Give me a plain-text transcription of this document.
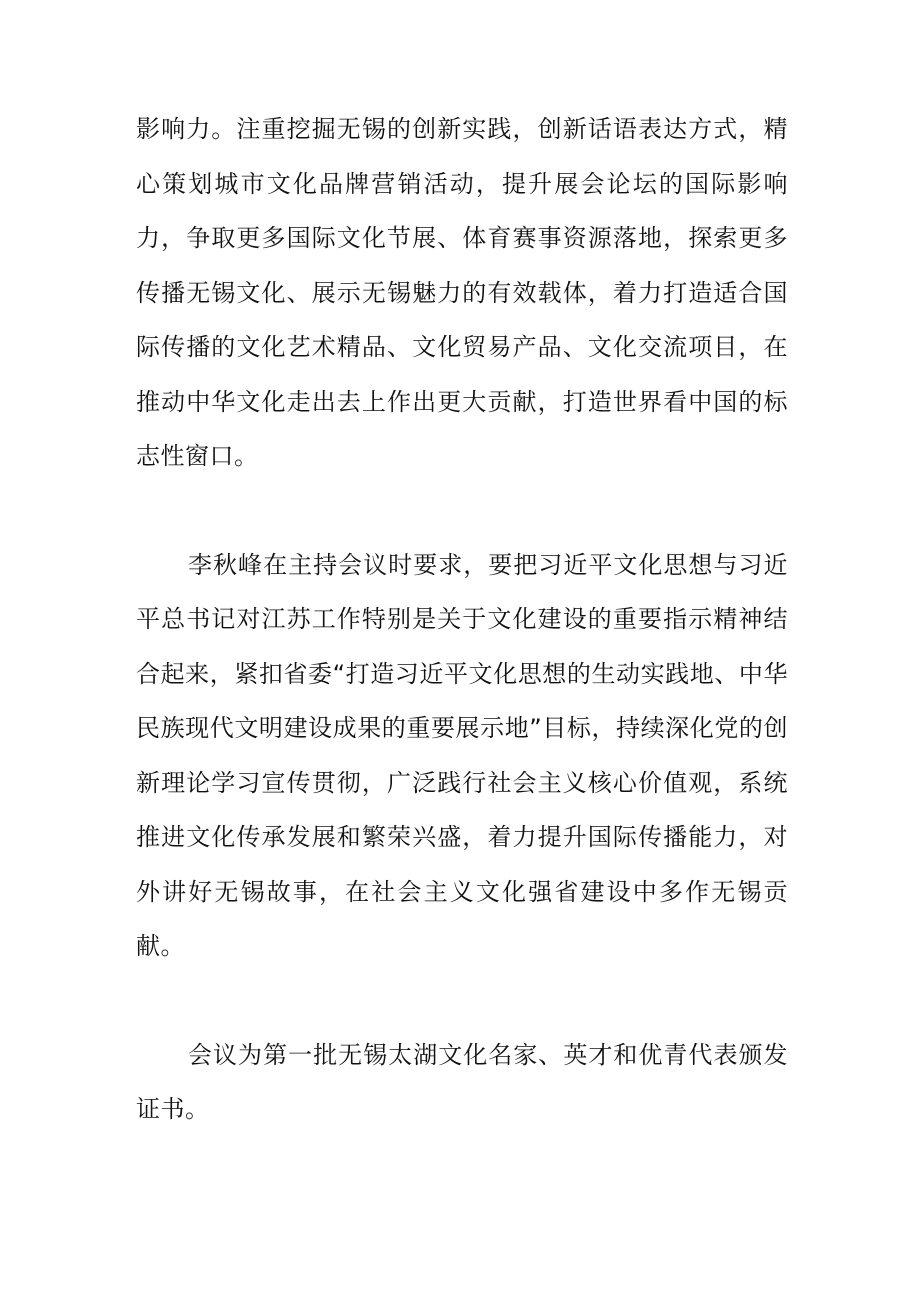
影响力。注重挖掘无锡的创新实践，创新话语表达方式，精心策划城市文化品牌营销活动，提升展会论坛的国际影响力，争取更多国际文化节展、体育赛事资源落地，探索更多传播无锡文化、展示无锡魅力的有效载体，着力打造适合国际传播的文化艺术精品、文化贸易产品、文化交流项目，在推动中华文化走出去上作出更大贡献，打造世界看中国的标志性窗口。

李秋峰在主持会议时要求，要把习近平文化思想与习近平总书记对江苏工作特别是关于文化建设的重要指示精神结合起来，紧扣省委“打造习近平文化思想的生动实践地、中华民族现代文明建设成果的重要展示地”目标，持续深化党的创新理论学习宣传贯彻，广泛践行社会主义核心价值观，系统推进文化传承发展和繁荣兴盛，着力提升国际传播能力，对外讲好无锡故事，在社会主义文化强省建设中多作无锡贡献。

会议为第一批无锡太湖文化名家、英才和优青代表颁发证书。
